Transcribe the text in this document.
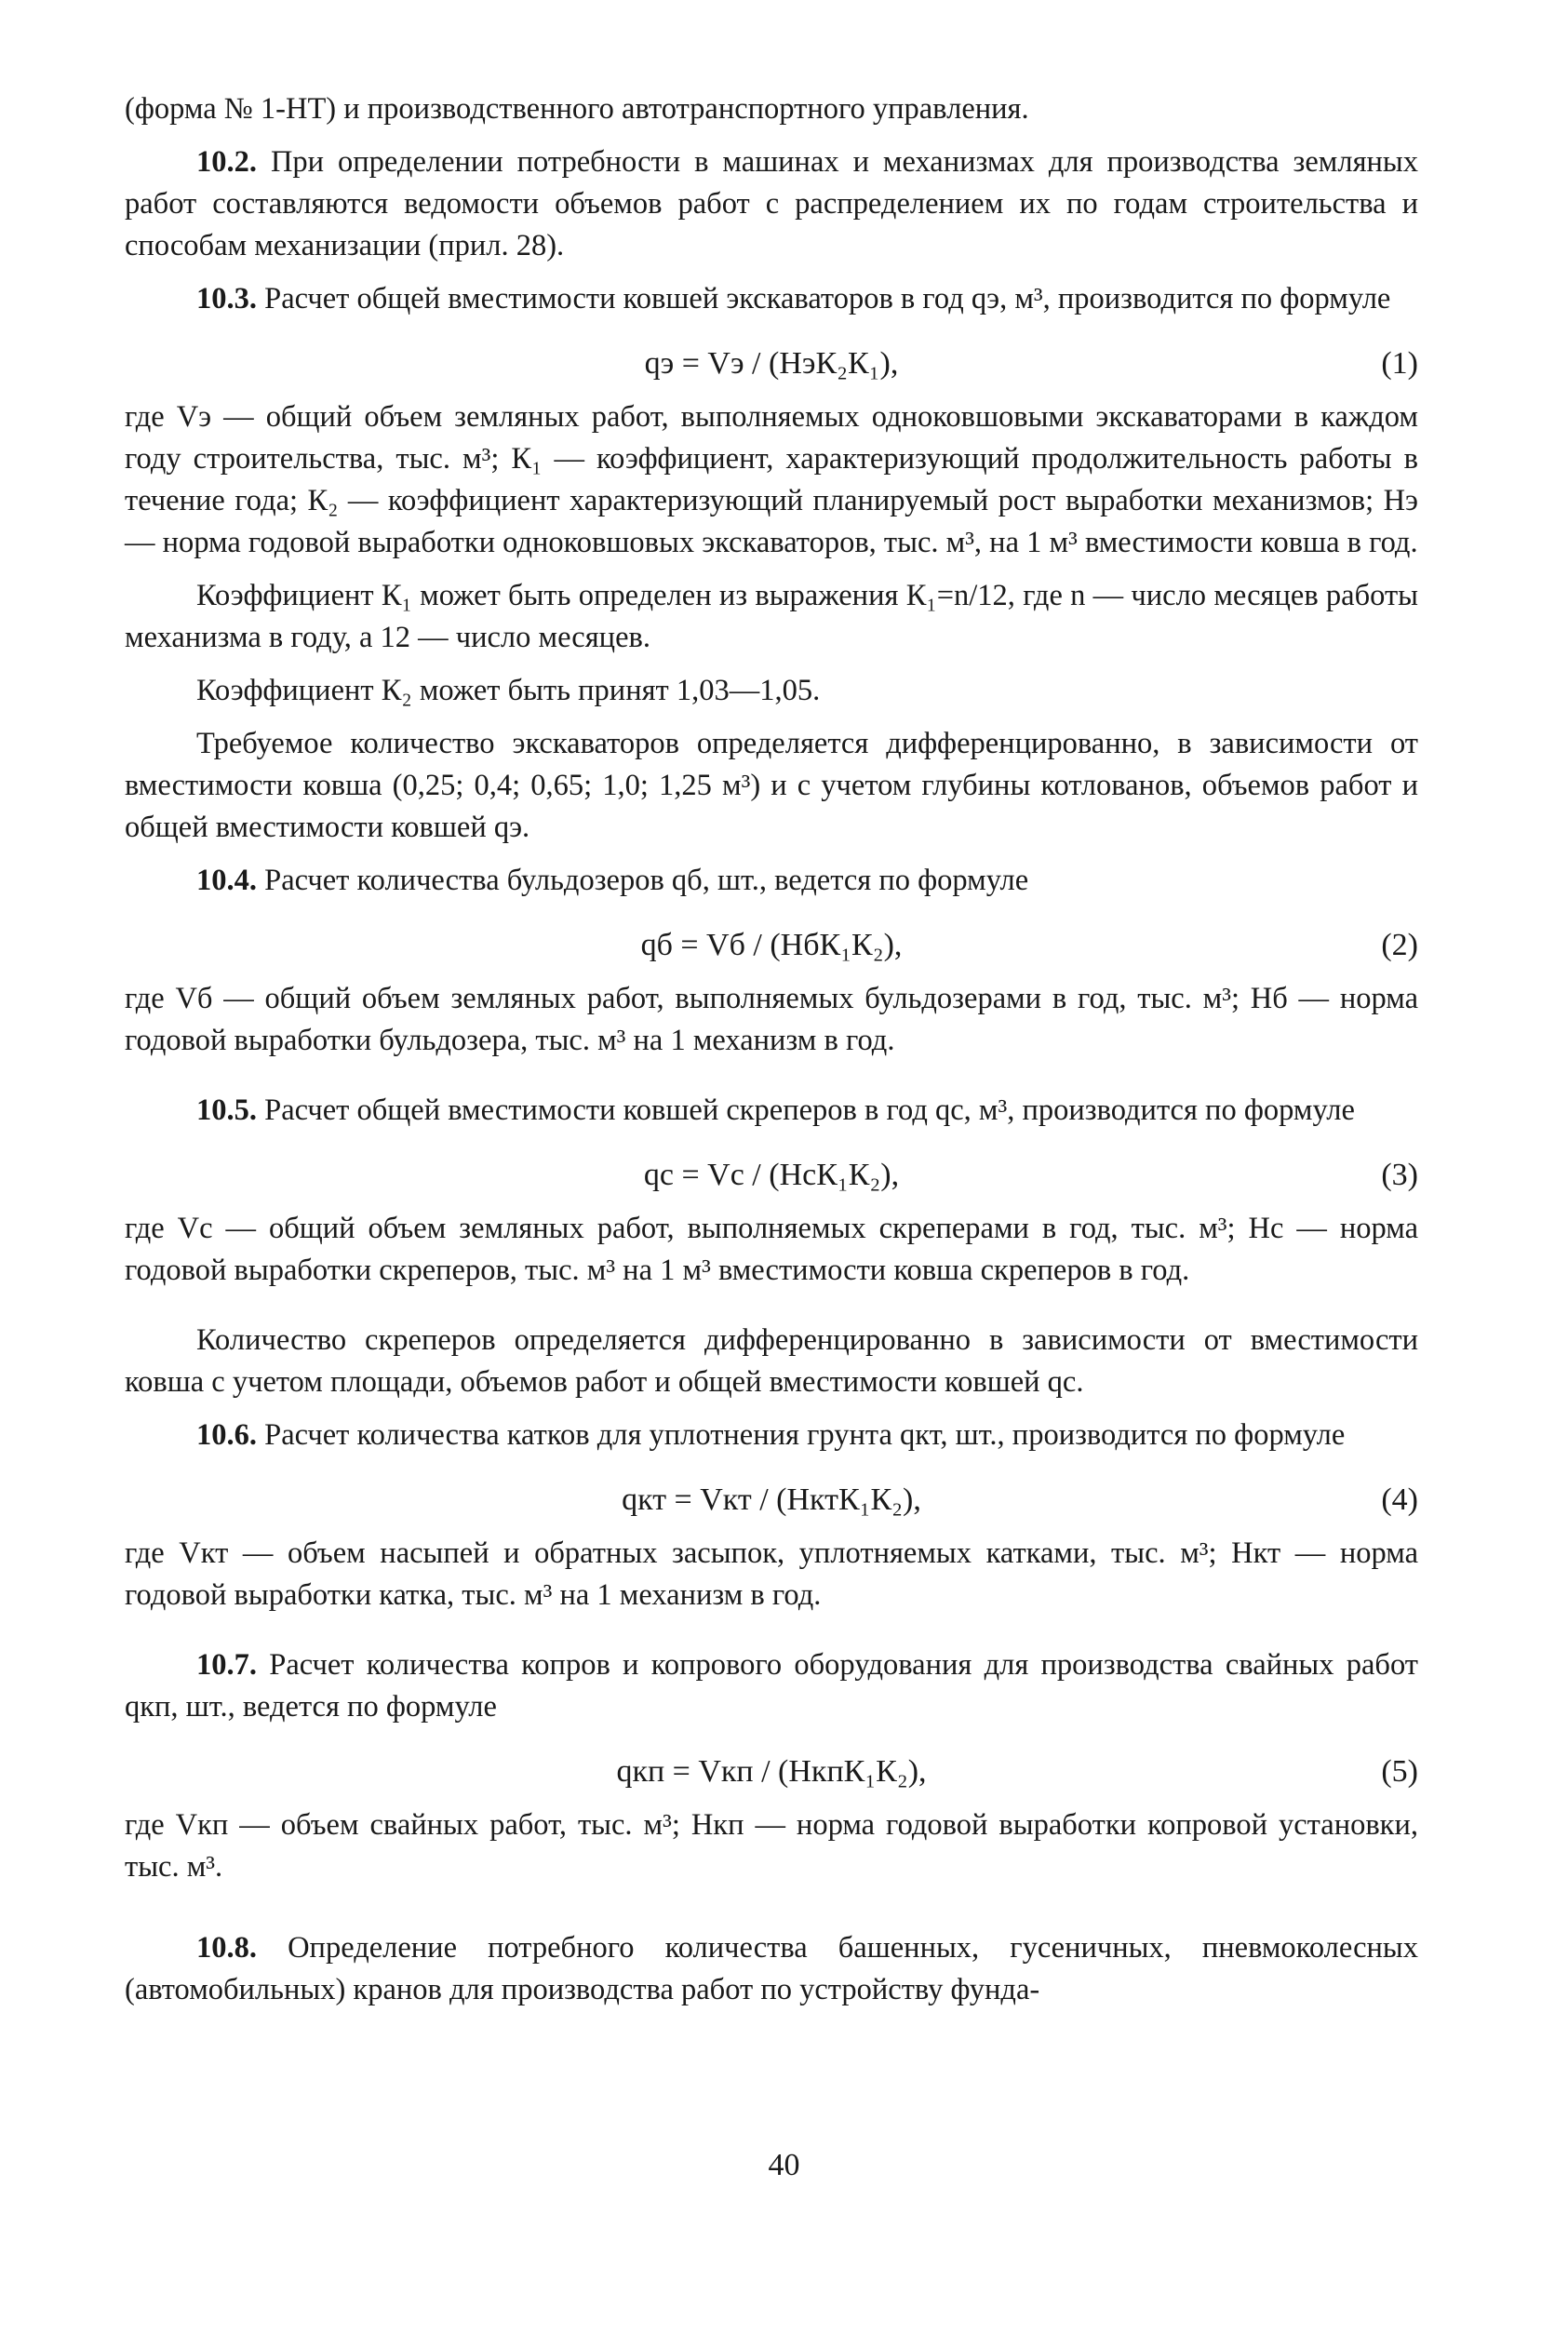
(форма № 1-НТ) и производственного автотранспортного управления.

10.2. При определении потребности в машинах и механизмах для производства земляных работ составляются ведомости объемов работ с распределением их по годам строительства и способам механизации (прил. 28).

10.3. Расчет общей вместимости ковшей экскаваторов в год qэ, м³, производится по формуле

qэ = Vэ / (НэК₂К₁),	(1)

где Vэ — общий объем земляных работ, выполняемых одноковшовыми экскаваторами в каждом году строительства, тыс. м³; К₁ — коэффициент, характеризующий продолжительность работы в течение года; К₂ — коэффициент характеризующий планируемый рост выработки механизмов; Нэ — норма годовой выработки одноковшовых экскаваторов, тыс. м³, на 1 м³ вместимости ковша в год.

Коэффициент К₁ может быть определен из выражения К₁=n/12, где n — число месяцев работы механизма в году, а 12 — число месяцев.

Коэффициент К₂ может быть принят 1,03—1,05.

Требуемое количество экскаваторов определяется дифференцированно, в зависимости от вместимости ковша (0,25; 0,4; 0,65; 1,0; 1,25 м³) и с учетом глубины котлованов, объемов работ и общей вместимости ковшей qэ.

10.4. Расчет количества бульдозеров qб, шт., ведется по формуле

qб = Vб / (НбК₁К₂),	(2)

где Vб — общий объем земляных работ, выполняемых бульдозерами в год, тыс. м³; Нб — норма годовой выработки бульдозера, тыс. м³ на 1 механизм в год.

10.5. Расчет общей вместимости ковшей скреперов в год qс, м³, производится по формуле

qс = Vс / (НсК₁К₂),	(3)

где Vс — общий объем земляных работ, выполняемых скреперами в год, тыс. м³; Нс — норма годовой выработки скреперов, тыс. м³ на 1 м³ вместимости ковша скреперов в год.

Количество скреперов определяется дифференцированно в зависимости от вместимости ковша с учетом площади, объемов работ и общей вместимости ковшей qс.

10.6. Расчет количества катков для уплотнения грунта qкт, шт., производится по формуле

qкт = Vкт / (НктК₁К₂),	(4)

где Vкт — объем насыпей и обратных засыпок, уплотняемых катками, тыс. м³; Нкт — норма годовой выработки катка, тыс. м³ на 1 механизм в год.

10.7. Расчет количества копров и копрового оборудования для производства свайных работ qкп, шт., ведется по формуле

qкп = Vкп / (НкпК₁К₂),	(5)

где Vкп — объем свайных работ, тыс. м³; Нкп — норма годовой выработки копровой установки, тыс. м³.

10.8. Определение потребного количества башенных, гусеничных, пневмоколесных (автомобильных) кранов для производства работ по устройству фунда-

40
